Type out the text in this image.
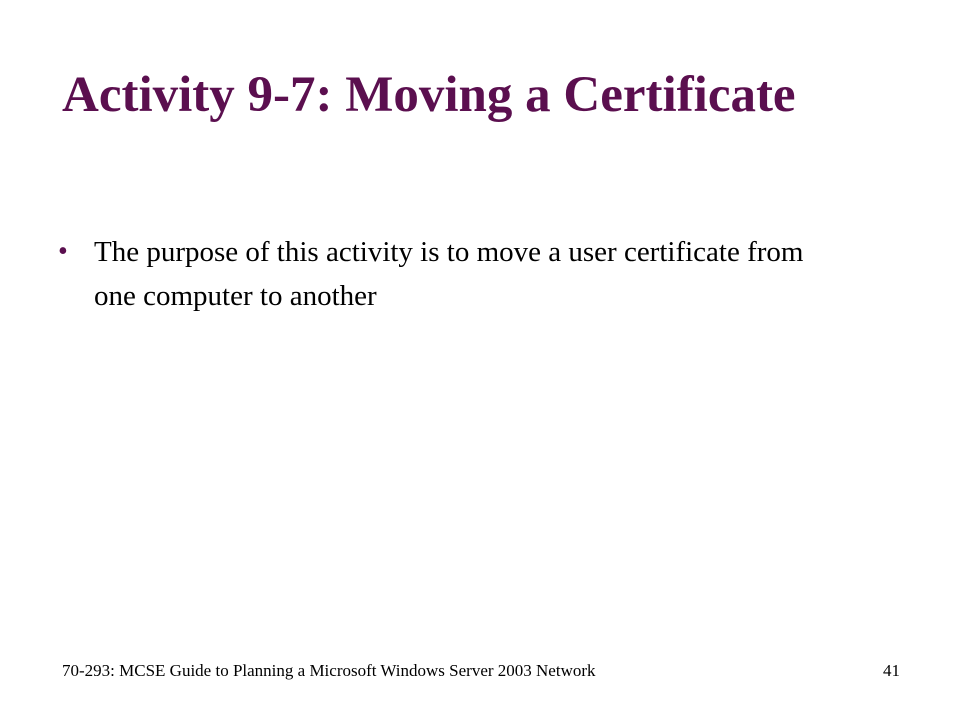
Activity 9-7: Moving a Certificate
• The purpose of this activity is to move a user certificate from one computer to another
70-293: MCSE Guide to Planning a Microsoft Windows Server 2003 Network	41
